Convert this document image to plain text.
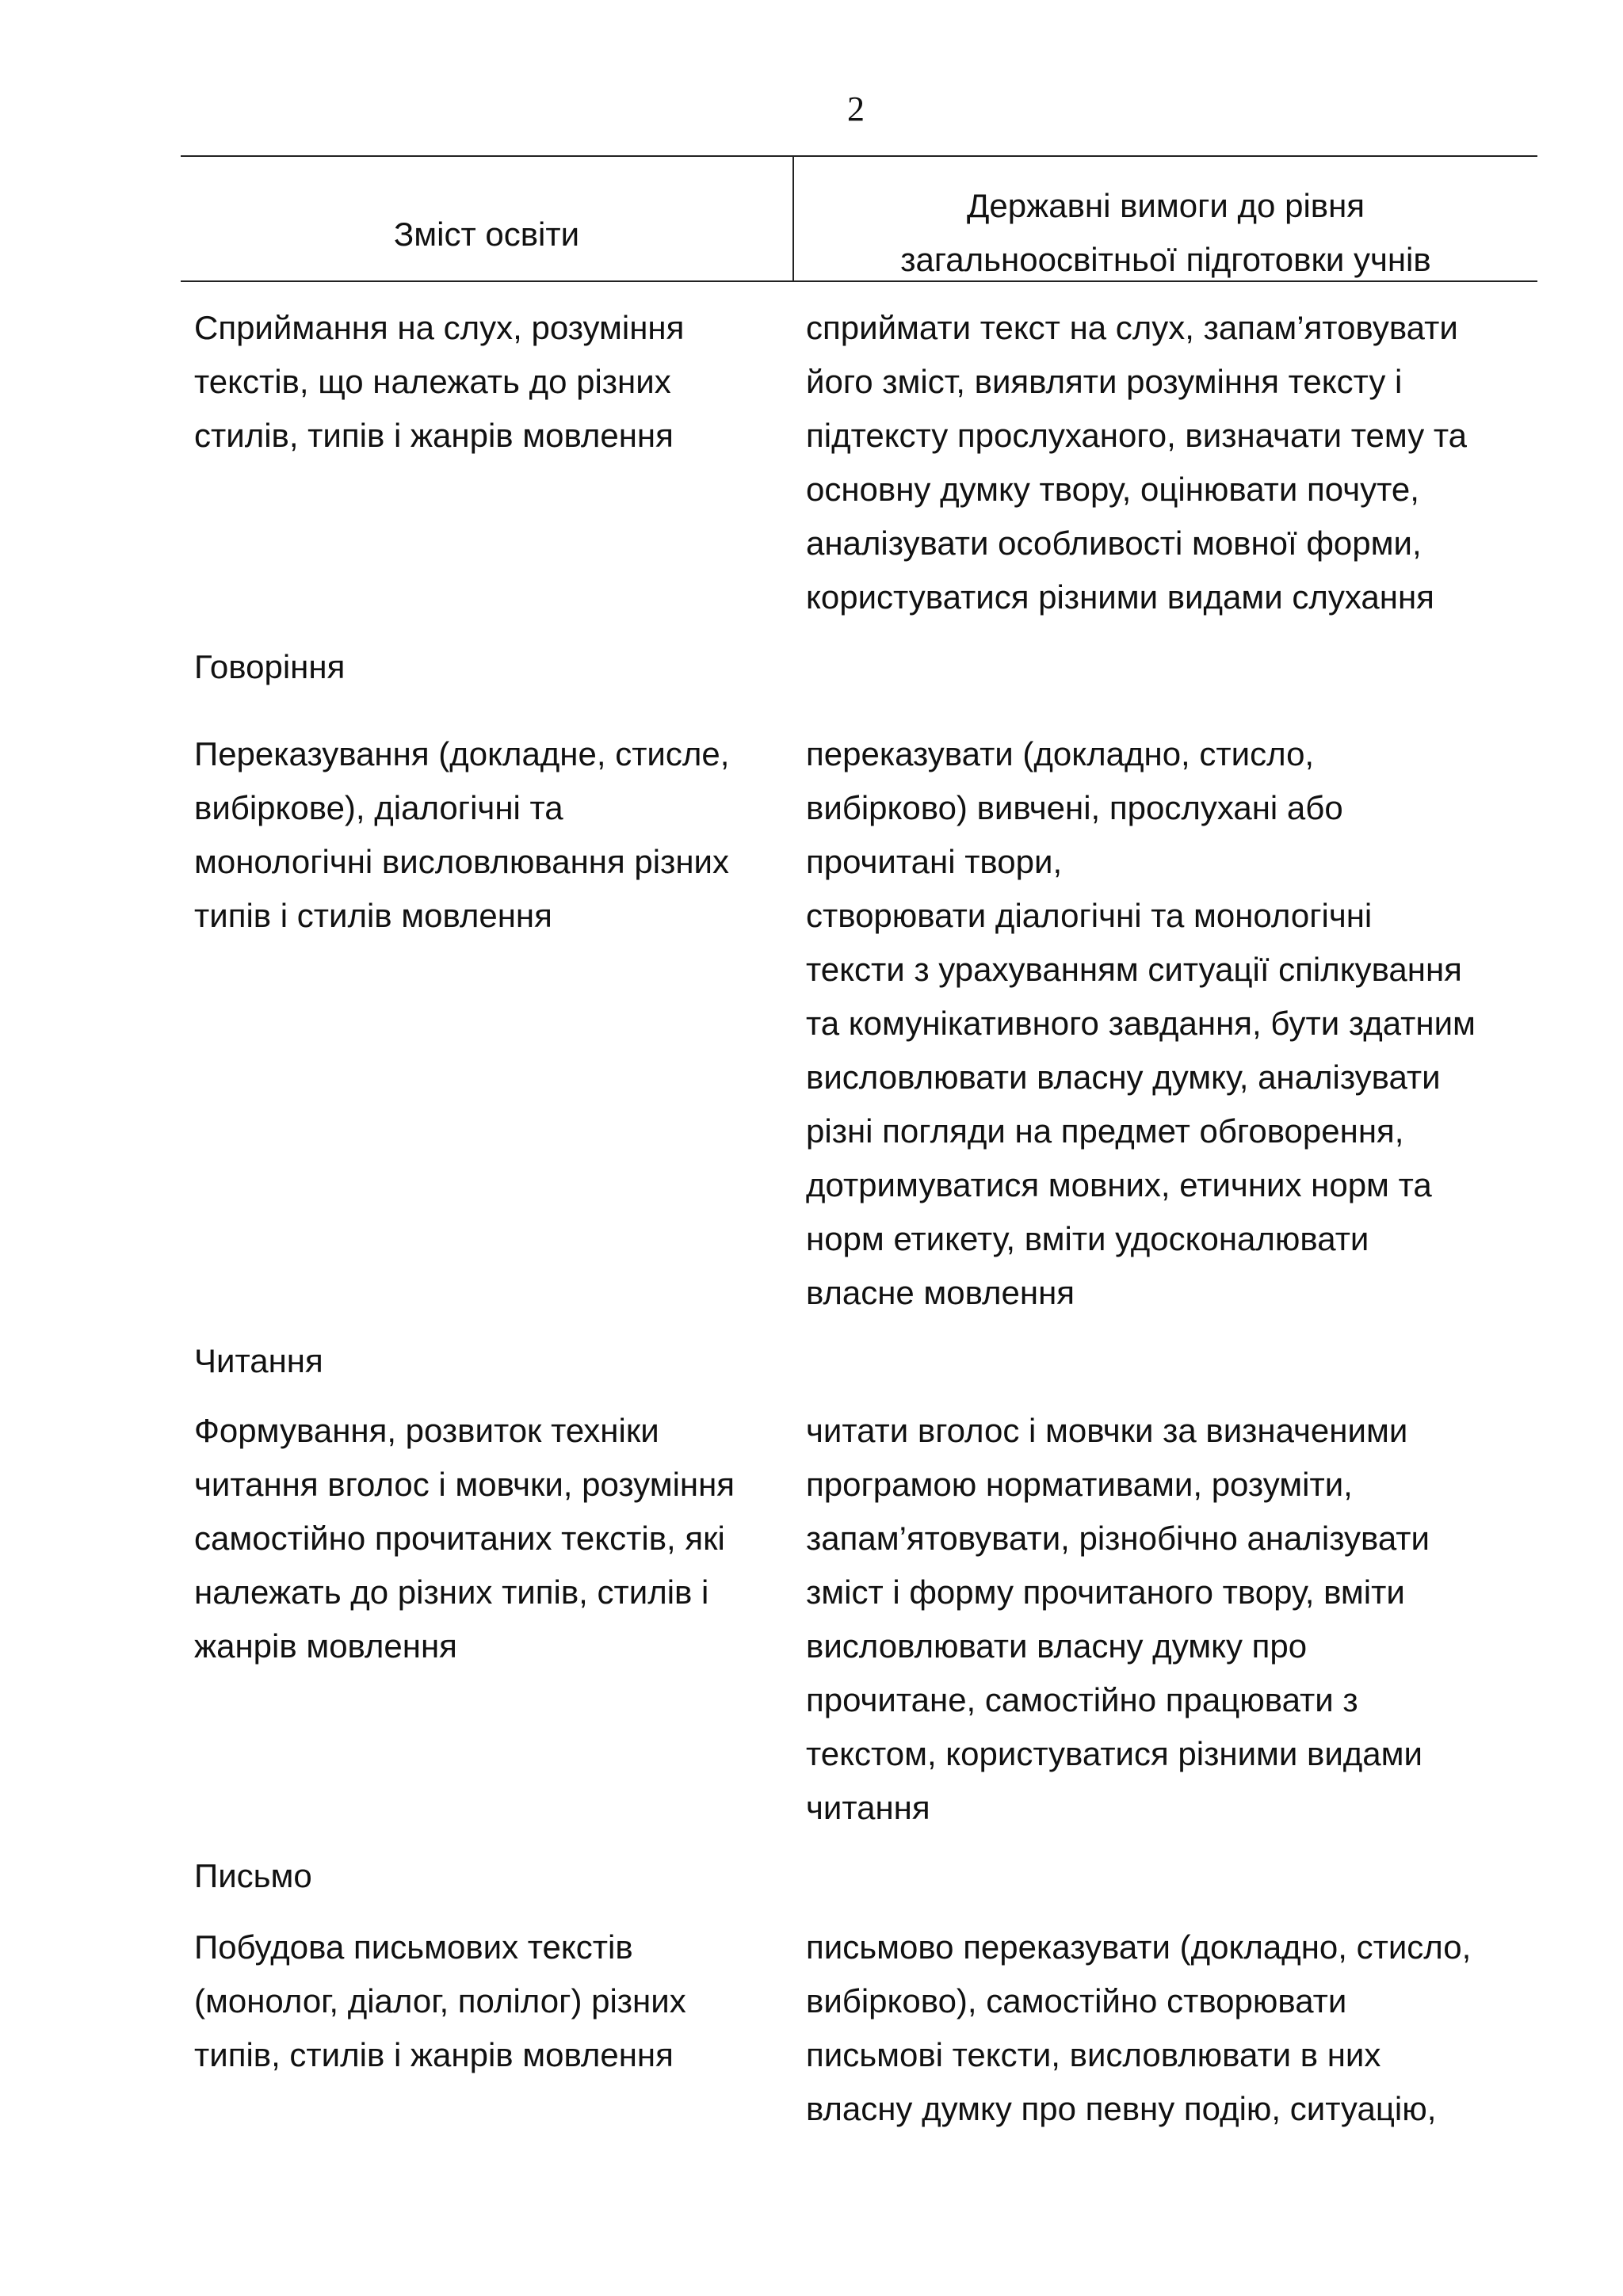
2
Зміст освіти
Державні вимоги до рівня
загальноосвітньої підготовки учнів
Сприймання на слух, розуміння
текстів, що належать до різних
стилів, типів і жанрів мовлення
сприймати текст на слух, запам’ятовувати
його зміст, виявляти розуміння тексту і
підтексту прослуханого, визначати тему та
основну думку твору, оцінювати почуте,
аналізувати особливості мовної форми,
користуватися різними видами слухання
Говоріння
Переказування (докладне, стисле,
вибіркове), діалогічні та
монологічні висловлювання різних
типів і стилів мовлення
переказувати (докладно, стисло,
вибірково) вивчені, прослухані або
прочитані твори,
створювати діалогічні та монологічні
тексти з урахуванням ситуації спілкування
та комунікативного завдання, бути здатним
висловлювати власну думку, аналізувати
різні погляди на предмет обговорення,
дотримуватися мовних, етичних норм та
норм етикету, вміти удосконалювати
власне мовлення
Читання
Формування, розвиток техніки
читання вголос і мовчки, розуміння
самостійно прочитаних текстів, які
належать до різних типів, стилів і
жанрів мовлення
читати вголос і мовчки за визначеними
програмою нормативами, розуміти,
запам’ятовувати, різнобічно аналізувати
зміст і форму прочитаного твору, вміти
висловлювати власну думку про
прочитане, самостійно працювати з
текстом, користуватися різними видами
читання
Письмо
Побудова письмових текстів
(монолог, діалог, полілог) різних
типів, стилів і жанрів мовлення
письмово переказувати (докладно, стисло,
вибірково), самостійно створювати
письмові тексти, висловлювати в них
власну думку про певну подію, ситуацію,
